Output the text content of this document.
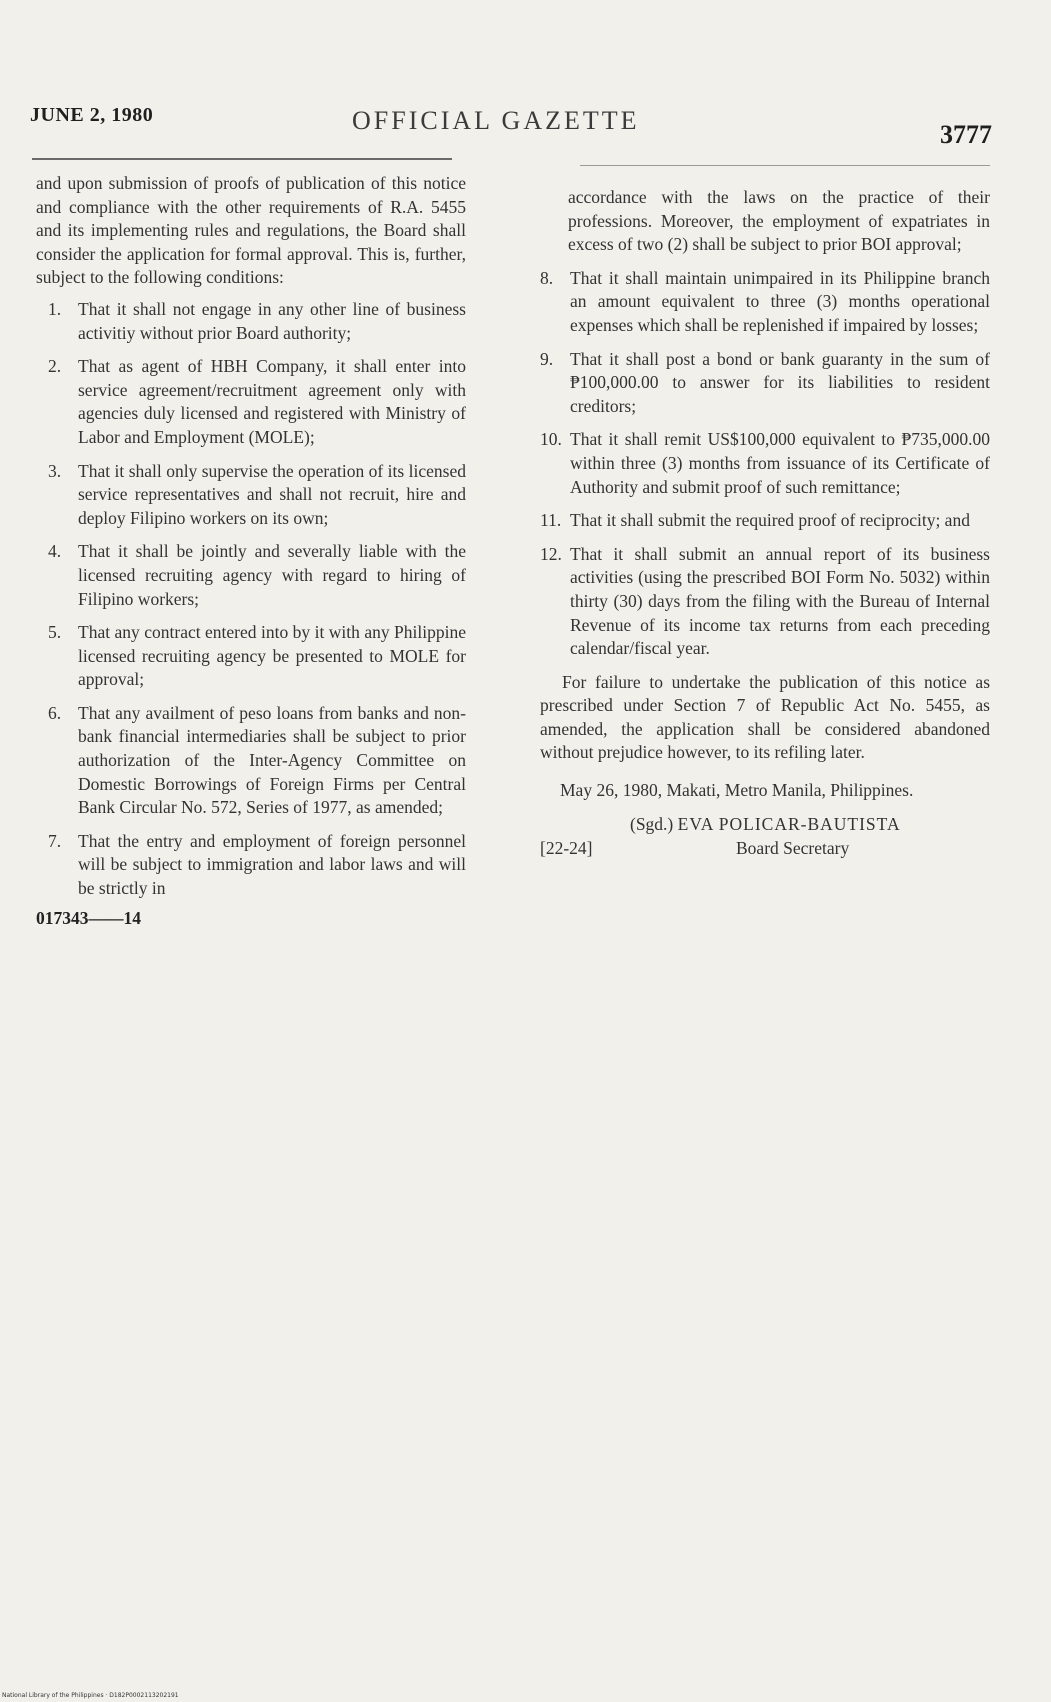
JUNE 2, 1980	OFFICIAL GAZETTE	3777

and upon submission of proofs of publication of this notice and compliance with the other requirements of R.A. 5455 and its implementing rules and regulations, the Board shall consider the application for formal approval. This is, further, subject to the following conditions:

1. That it shall not engage in any other line of business activitiy without prior Board authority;
2. That as agent of HBH Company, it shall enter into service agreement/recruitment agreement only with agencies duly licensed and registered with Ministry of Labor and Employment (MOLE);
3. That it shall only supervise the operation of its licensed service representatives and shall not recruit, hire and deploy Filipino workers on its own;
4. That it shall be jointly and severally liable with the licensed recruiting agency with regard to hiring of Filipino workers;
5. That any contract entered into by it with any Philippine licensed recruiting agency be presented to MOLE for approval;
6. That any availment of peso loans from banks and non-bank financial intermediaries shall be subject to prior authorization of the Inter-Agency Committee on Domestic Borrowings of Foreign Firms per Central Bank Circular No. 572, Series of 1977, as amended;
7. That the entry and employment of foreign personnel will be subject to immigration and labor laws and will be strictly in

017343——14

accordance with the laws on the practice of their professions. Moreover, the employment of expatriates in excess of two (2) shall be subject to prior BOI approval;

8. That it shall maintain unimpaired in its Philippine branch an amount equivalent to three (3) months operational expenses which shall be replenished if impaired by losses;
9. That it shall post a bond or bank guaranty in the sum of ₱100,000.00 to answer for its liabilities to resident creditors;
10. That it shall remit US$100,000 equivalent to ₱735,000.00 within three (3) months from issuance of its Certificate of Authority and submit proof of such remittance;
11. That it shall submit the required proof of reciprocity; and
12. That it shall submit an annual report of its business activities (using the prescribed BOI Form No. 5032) within thirty (30) days from the filing with the Bureau of Internal Revenue of its income tax returns from each preceding calendar/fiscal year.

For failure to undertake the publication of this notice as prescribed under Section 7 of Republic Act No. 5455, as amended, the application shall be considered abandoned without prejudice however, to its refiling later.

May 26, 1980, Makati, Metro Manila, Philippines.

(Sgd.) EVA POLICAR-BAUTISTA
Board Secretary
[22-24]
National Library of the Philippines · D182P0002113202191
